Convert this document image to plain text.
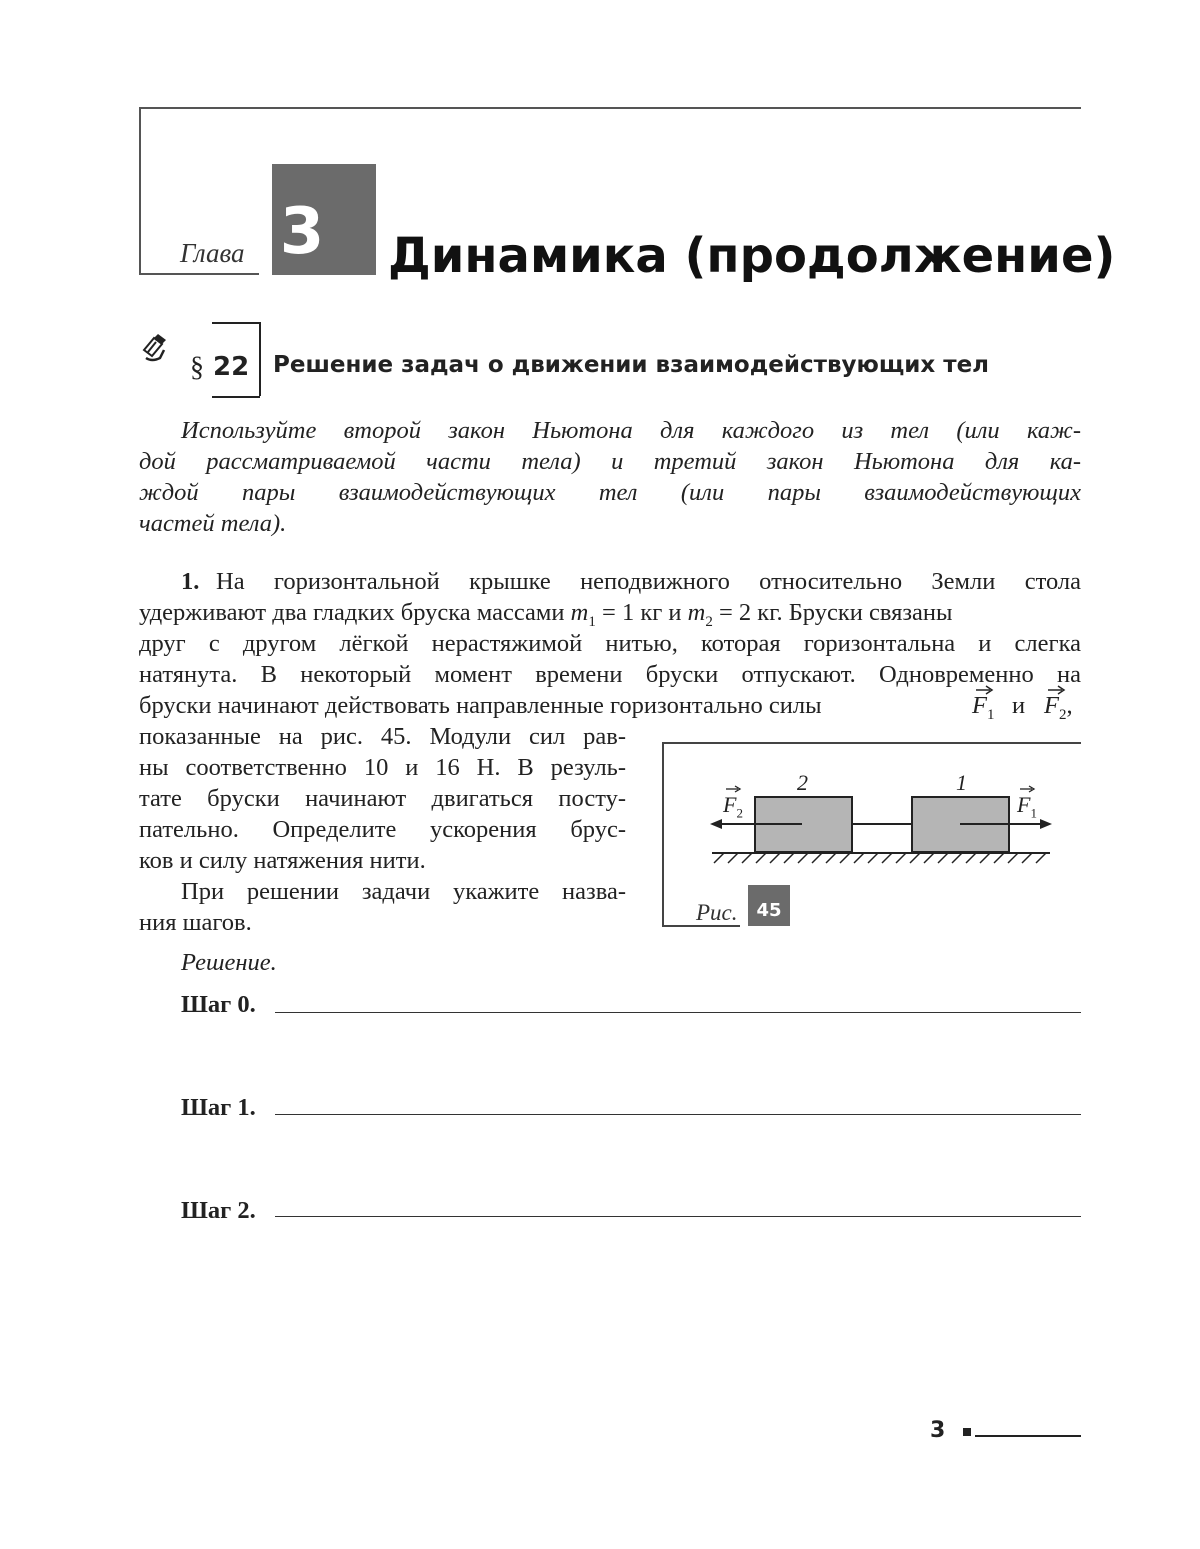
Глава 3 Динамика (продолжение)
§ 22 Решение задач о движении взаимодействующих тел
Используйте второй закон Ньютона для каждого из тел (или каж-
дой рассматриваемой части тела) и третий закон Ньютона для ка-
ждой пары взаимодействующих тел (или пары взаимодействующих
частей тела).
1. На горизонтальной крышке неподвижного относительно Земли стола
удерживают два гладких бруска массами $m_1 = 1$ кг и $m_2 = 2$ кг. Бруски связаны
друг с другом лёгкой нерастяжимой нитью, которая горизонтальна и слегка
натянута. В некоторый момент времени бруски отпускают. Одновременно на
бруски начинают действовать направленные горизонтально силы	$F_1$ и $F_2$,
показанные на рис. 45. Модули сил рав-
ны соответственно 10 и 16 Н. В резуль-
тате бруски начинают двигаться посту-
пательно. Определите ускорения брус-
ков и силу натяжения нити.
При решении задачи укажите назва-
ния шагов.
2	1
$F_2$	$F_1$
Рис.	45
Решение.
Шаг 0.
Шаг 1.
Шаг 2.
3
